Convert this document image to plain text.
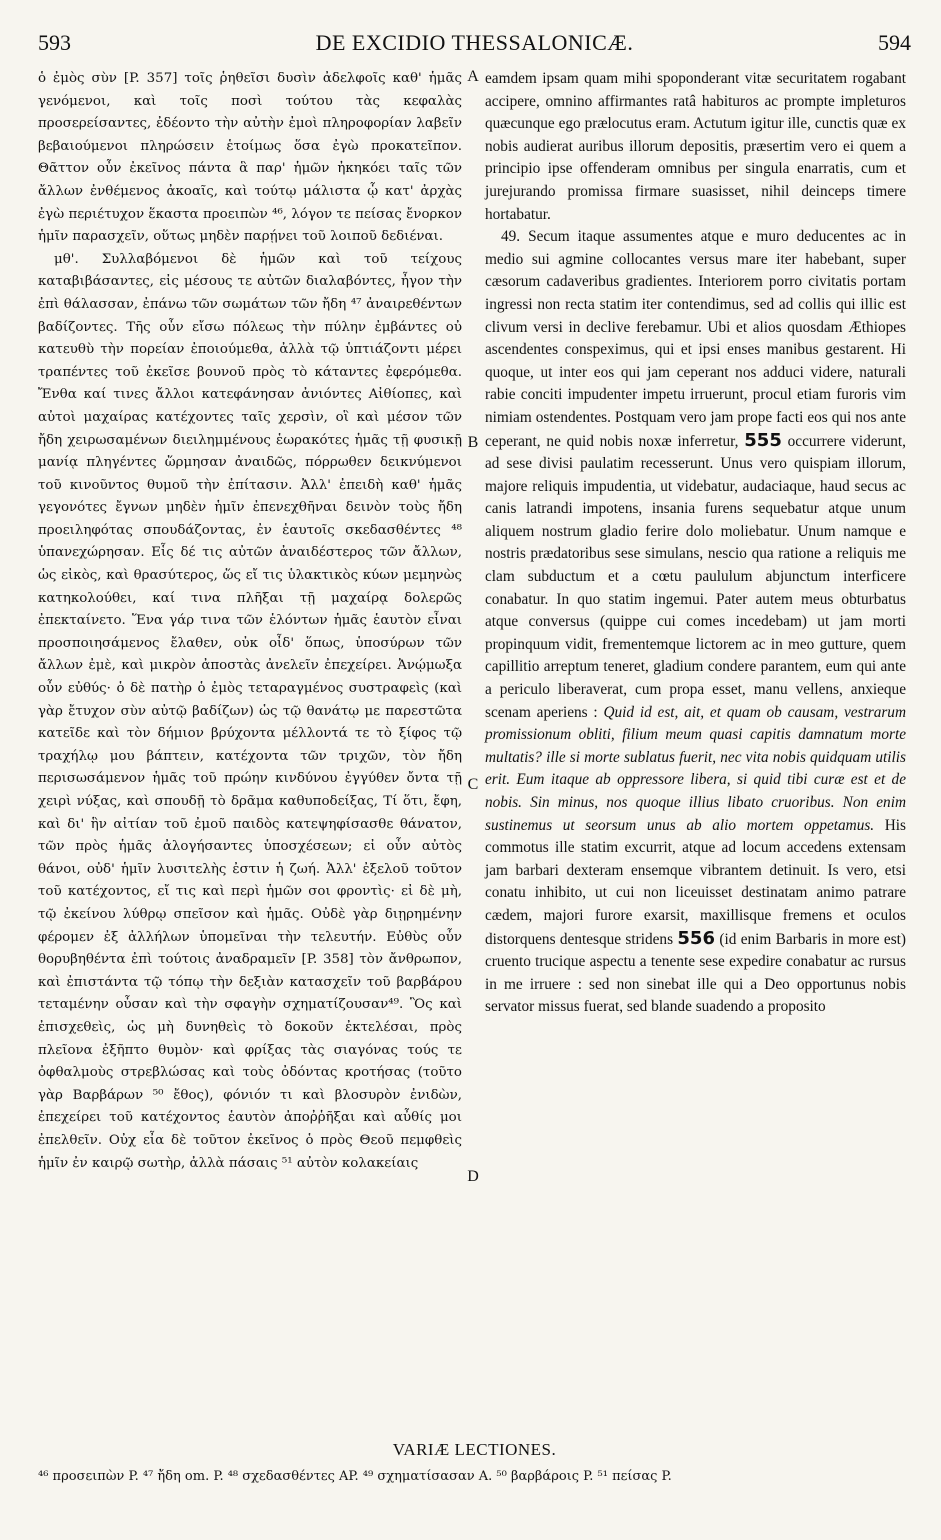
593	DE EXCIDIO THESSALONICÆ.	594

ὁ ἐμὸς σὺν [P. 357] τοῖς ῥηθεῖσι δυσὶν ἀδελφοῖς καθ' ἡμᾶς γενόμενοι, καὶ τοῖς ποσὶ τούτου τὰς κεφαλὰς προσερείσαντες, ἐδέοντο τὴν αὐτὴν ἐμοὶ πληροφορίαν λαβεῖν βεβαιούμενοι πληρώσειν ἑτοίμως ὅσα ἐγὼ προκατεῖπον. Θᾶττον οὖν ἐκεῖνος πάντα ἃ παρ' ἡμῶν ἠκηκόει ταῖς τῶν ἄλλων ἐνθέμενος ἀκοαῖς, καὶ τούτῳ μάλιστα ᾧ κατ' ἀρχὰς ἐγὼ περιέτυχον ἕκαστα προειπὼν ⁴⁶, λόγον τε πείσας ἔνορκον ἡμῖν παρασχεῖν, οὕτως μηδὲν παρῄνει τοῦ λοιποῦ δεδιέναι.

μθ'. Συλλαβόμενοι δὲ ἡμῶν καὶ τοῦ τείχους καταβιβάσαντες, εἰς μέσους τε αὐτῶν διαλαβόντες, ἦγον τὴν ἐπὶ θάλασσαν, ἐπάνω τῶν σωμάτων τῶν ἤδη ⁴⁷ ἀναιρεθέντων βαδίζοντες. Τῆς οὖν εἴσω πόλεως τὴν πύλην ἐμβάντες οὐ κατευθὺ τὴν πορείαν ἐποιούμεθα, ἀλλὰ τῷ ὑπτιάζοντι μέρει τραπέντες τοῦ ἐκεῖσε βουνοῦ πρὸς τὸ κάταντες ἐφερόμεθα. Ἔνθα καί τινες ἄλλοι κατεφάνησαν ἀνιόντες Αἰθίοπες, καὶ αὐτοὶ μαχαίρας κατέχοντες ταῖς χερσὶν, οἳ καὶ μέσον τῶν ἤδη χειρωσαμένων διειλημμένους ἑωρακότες ἡμᾶς τῇ φυσικῇ μανίᾳ πληγέντες ὥρμησαν ἀναιδῶς, πόρρωθεν δεικνύμενοι τοῦ κινοῦντος θυμοῦ τὴν ἐπίτασιν. Ἀλλ' ἐπειδὴ καθ' ἡμᾶς γεγονότες ἔγνων μηδὲν ἡμῖν ἐπενεχθῆναι δεινὸν τοὺς ἤδη προειληφότας σπουδάζοντας, ἐν ἑαυτοῖς σκεδασθέντες ⁴⁸ ὑπανεχώρησαν. Εἷς δέ τις αὐτῶν ἀναιδέστερος τῶν ἄλλων, ὡς εἰκὸς, καὶ θρασύτερος, ὥς εἴ τις ὑλακτικὸς κύων μεμηνὼς κατηκολούθει, καί τινα πλῆξαι τῇ μαχαίρᾳ δολερῶς ἐπεκταίνετο. Ἕνα γάρ τινα τῶν ἑλόντων ἡμᾶς ἑαυτὸν εἶναι προσποιησάμενος ἔλαθεν, οὐκ οἶδ' ὅπως, ὑποσύρων τῶν ἄλλων ἐμὲ, καὶ μικρὸν ἀποστὰς ἀνελεῖν ἐπεχείρει. Ἀνῴμωξα οὖν εὐθύς· ὁ δὲ πατὴρ ὁ ἐμὸς τεταραγμένος συστραφεὶς (καὶ γὰρ ἔτυχον σὺν αὐτῷ βαδίζων) ὡς τῷ θανάτῳ με παρεστῶτα κατεῖδε καὶ τὸν δήμιον βρύχοντα μέλλοντά τε τὸ ξίφος τῷ τραχήλῳ μου βάπτειν, κατέχοντα τῶν τριχῶν, τὸν ἤδη περισωσάμενον ἡμᾶς τοῦ πρώην κινδύνου ἐγγύθεν ὄντα τῇ χειρὶ νύξας, καὶ σπουδῇ τὸ δρᾶμα καθυποδείξας, Τί ὅτι, ἔφη, καὶ δι' ἣν αἰτίαν τοῦ ἐμοῦ παιδὸς κατεψηφίσασθε θάνατον, τῶν πρὸς ἡμᾶς ἀλογήσαντες ὑποσχέσεων; εἰ οὖν αὐτὸς θάνοι, οὐδ' ἡμῖν λυσιτελὴς ἐστιν ἡ ζωή. Ἀλλ' ἐξελοῦ τοῦτον τοῦ κατέχοντος, εἴ τις καὶ περὶ ἡμῶν σοι φροντὶς· εἰ δὲ μὴ, τῷ ἐκείνου λύθρῳ σπεῖσον καὶ ἡμᾶς. Οὐδὲ γὰρ διῃρημένην φέρομεν ἐξ ἀλλήλων ὑπομεῖναι τὴν τελευτήν. Εὐθὺς οὖν θορυβηθέντα ἐπὶ τούτοις ἀναδραμεῖν [P. 358] τὸν ἄνθρωπον, καὶ ἐπιστάντα τῷ τόπῳ τὴν δεξιὰν κατασχεῖν τοῦ βαρβάρου τεταμένην οὖσαν καὶ τὴν σφαγὴν σχηματίζουσαν⁴⁹. Ὃς καὶ ἐπισχεθεὶς, ὡς μὴ δυνηθεὶς τὸ δοκοῦν ἐκτελέσαι, πρὸς πλεῖονα ἐξῆπτο θυμὸν· καὶ φρίξας τὰς σιαγόνας τούς τε ὀφθαλμοὺς στρεβλώσας καὶ τοὺς ὀδόντας κροτήσας (τοῦτο γὰρ Βαρβάρων ⁵⁰ ἔθος), φόνιόν τι καὶ βλοσυρὸν ἐνιδὼν, ἐπεχείρει τοῦ κατέχοντος ἑαυτὸν ἀποῤῥῆξαι καὶ αὖθίς μοι ἐπελθεῖν. Οὐχ εἶα δὲ τοῦτον ἐκεῖνος ὁ πρὸς Θεοῦ πεμφθεὶς ἡμῖν ἐν καιρῷ σωτὴρ, ἀλλὰ πάσαις ⁵¹ αὐτὸν κολακείαις

A
B
C
D

eamdem ipsam quam mihi spoponderant vitæ securitatem rogabant accipere, omnino affirmantes ratâ habituros ac prompte impleturos quæcunque ego prælocutus eram. Actutum igitur ille, cunctis quæ ex nobis audierat auribus illorum depositis, præsertim vero ei quem a principio ipse offenderam omnibus per singula enarratis, cum et jurejurando promissa firmare suasisset, nihil deinceps timere hortabatur.

49. Secum itaque assumentes atque e muro deducentes ac in medio sui agmine collocantes versus mare iter habebant, super cæsorum cadaveribus gradientes. Interiorem porro civitatis portam ingressi non recta statim iter contendimus, sed ad collis qui illic est clivum versi in declive ferebamur. Ubi et alios quosdam Æthiopes ascendentes conspeximus, qui et ipsi enses manibus gestarent. Hi quoque, ut inter eos qui jam ceperant nos adduci videre, naturali rabie conciti impudenter impetu irruerunt, procul etiam furoris vim nimiam ostendentes. Postquam vero jam prope facti eos qui nos ante ceperant, ne quid nobis noxæ inferretur, 555 occurrere viderunt, ad sese divisi paulatim recesserunt. Unus vero quispiam illorum, majore reliquis impudentia, ut videbatur, audaciaque, haud secus ac canis latrandi impotens, insania furens sequebatur atque unum aliquem nostrum gladio ferire dolo moliebatur. Unum namque e nostris prædatoribus sese simulans, nescio qua ratione a reliquis me clam subductum et a cœtu paululum abjunctum interficere conabatur. In quo statim ingemui. Pater autem meus obturbatus atque conversus (quippe cui comes incedebam) ut jam morti propinquum vidit, frementemque lictorem ac in meo gutture, quem capillitio arreptum teneret, gladium condere parantem, eum qui ante a periculo liberaverat, cum propa esset, manu vellens, anxieque scenam aperiens : Quid id est, ait, et quam ob causam, vestrarum promissionum obliti, filium meum quasi capitis damnatum morte multatis? ille si morte sublatus fuerit, nec vita nobis quidquam utilis erit. Eum itaque ab oppressore libera, si quid tibi curæ est et de nobis. Sin minus, nos quoque illius libato cruoribus. Non enim sustinemus ut seorsum unus ab alio mortem oppetamus. His commotus ille statim excurrit, atque ad locum accedens extensam jam barbari dexteram ensemque vibrantem detinuit. Is vero, etsi conatu inhibito, ut cui non liceuisset destinatam animo patrare cædem, majori furore exarsit, maxillisque fremens et oculos distorquens dentesque stridens 556 (id enim Barbaris in more est) cruento trucique aspectu a tenente sese expedire conabatur ac rursus in me irruere : sed non sinebat ille qui a Deo opportunus nobis servator missus fuerat, sed blande suadendo a proposito

VARIÆ LECTIONES.
⁴⁶ προσειπὼν P. ⁴⁷ ἤδη om. P. ⁴⁸ σχεδασθέντες AP. ⁴⁹ σχηματίσασαν A. ⁵⁰ βαρβάροις P. ⁵¹ πείσας P.
